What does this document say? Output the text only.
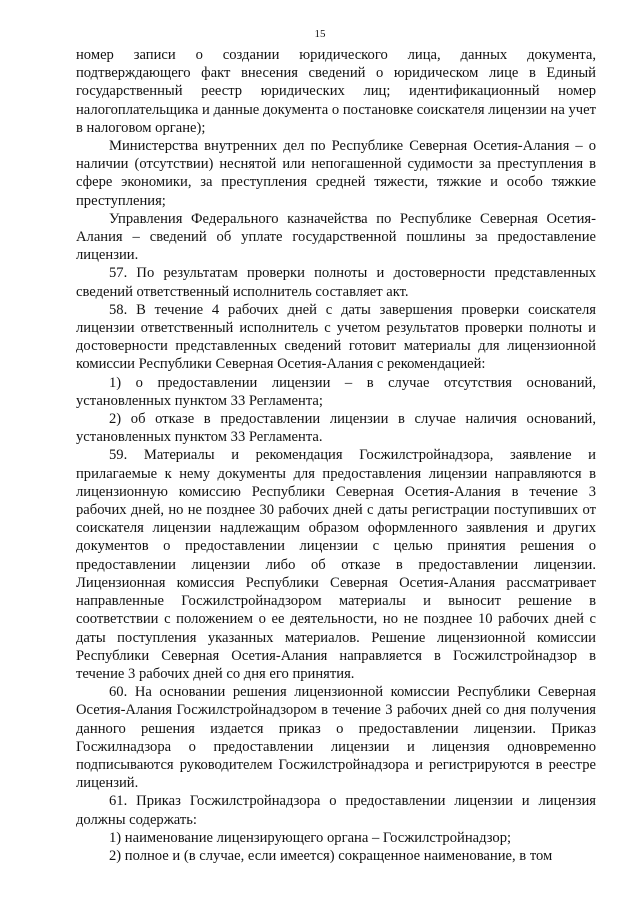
15

номер записи о создании юридического лица, данных документа, подтверждающего факт внесения сведений о юридическом лице в Единый государственный реестр юридических лиц; идентификационный номер налогоплательщика и данные документа о постановке соискателя лицензии на учет в налоговом органе);

Министерства внутренних дел по Республике Северная Осетия-Алания – о наличии (отсутствии) неснятой или непогашенной судимости за преступления в сфере экономики, за преступления средней тяжести, тяжкие и особо тяжкие преступления;

Управления Федерального казначейства по Республике Северная Осетия-Алания – сведений об уплате государственной пошлины за предоставление лицензии.

57. По результатам проверки полноты и достоверности представленных сведений ответственный исполнитель составляет акт.

58. В течение 4 рабочих дней с даты завершения проверки соискателя лицензии ответственный исполнитель с учетом результатов проверки полноты и достоверности представленных сведений готовит материалы для лицензионной комиссии Республики Северная Осетия-Алания с рекомендацией:

1) о предоставлении лицензии – в случае отсутствия оснований, установленных пунктом 33 Регламента;

2) об отказе в предоставлении лицензии в случае наличия оснований, установленных пунктом 33 Регламента.

59. Материалы и рекомендация Госжилстройнадзора, заявление и прилагаемые к нему документы для предоставления лицензии направляются в лицензионную комиссию Республики Северная Осетия-Алания в течение 3 рабочих дней, но не позднее 30 рабочих дней с даты регистрации поступивших от соискателя лицензии надлежащим образом оформленного заявления и других документов о предоставлении лицензии с целью принятия решения о предоставлении лицензии либо об отказе в предоставлении лицензии. Лицензионная комиссия Республики Северная Осетия-Алания рассматривает направленные Госжилстройнадзором материалы и выносит решение в соответствии с положением о ее деятельности, но не позднее 10 рабочих дней с даты поступления указанных материалов. Решение лицензионной комиссии Республики Северная Осетия-Алания направляется в Госжилстройнадзор в течение 3 рабочих дней со дня его принятия.

60. На основании решения лицензионной комиссии Республики Северная Осетия-Алания Госжилстройнадзором в течение 3 рабочих дней со дня получения данного решения издается приказ о предоставлении лицензии. Приказ Госжилнадзора о предоставлении лицензии и лицензия одновременно подписываются руководителем Госжилстройнадзора и регистрируются в реестре лицензий.

61. Приказ Госжилстройнадзора о предоставлении лицензии и лицензия должны содержать:

1) наименование лицензирующего органа – Госжилстройнадзор;

2) полное и (в случае, если имеется) сокращенное наименование, в том
